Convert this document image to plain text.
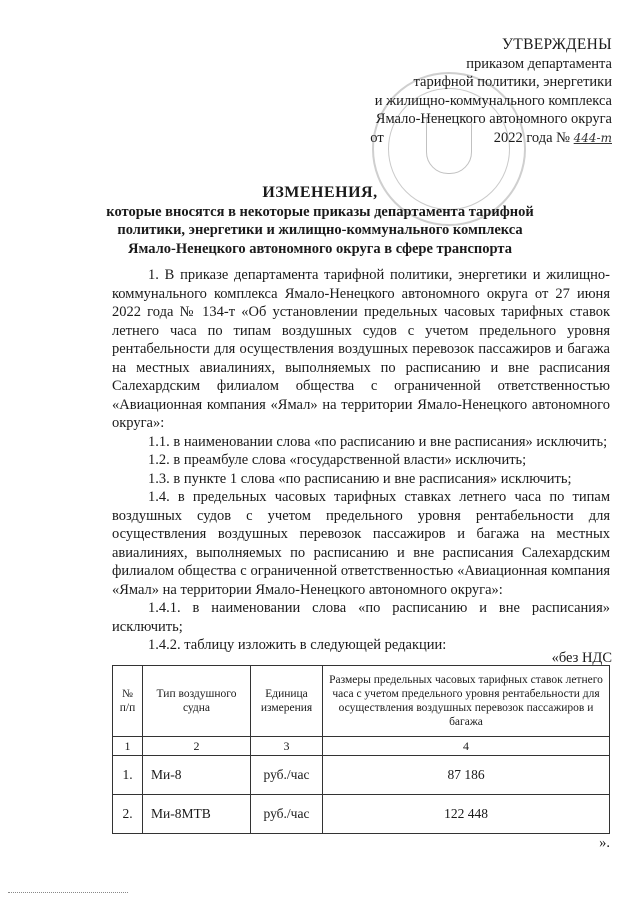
УТВЕРЖДЕНЫ
приказом департамента
тарифной политики, энергетики
и жилищно-коммунального комплекса
Ямало-Ненецкого автономного округа
от	2022 года № 444-т
ИЗМЕНЕНИЯ,
которые вносятся в некоторые приказы департамента тарифной
политики, энергетики и жилищно-коммунального комплекса
Ямало-Ненецкого автономного округа в сфере транспорта

1. В приказе департамента тарифной политики, энергетики и жилищно-коммунального комплекса Ямало-Ненецкого автономного округа от 27 июня 2022 года № 134-т «Об установлении предельных часовых тарифных ставок летнего часа по типам воздушных судов с учетом предельного уровня рентабельности для осуществления воздушных перевозок пассажиров и багажа на местных авиалиниях, выполняемых по расписанию и вне расписания Салехардским филиалом общества с ограниченной ответственностью «Авиационная компания «Ямал» на территории Ямало-Ненецкого автономного округа»:

1.1. в наименовании слова «по расписанию и вне расписания» исключить;

1.2. в преамбуле слова «государственной власти» исключить;

1.3. в пункте 1 слова «по расписанию и вне расписания» исключить;

1.4. в предельных часовых тарифных ставках летнего часа по типам воздушных судов с учетом предельного уровня рентабельности для осуществления воздушных перевозок пассажиров и багажа на местных авиалиниях, выполняемых по расписанию и вне расписания Салехардским филиалом общества с ограниченной ответственностью «Авиационная компания «Ямал» на территории Ямало-Ненецкого автономного округа»:

1.4.1. в наименовании слова «по расписанию и вне расписания» исключить;

1.4.2. таблицу изложить в следующей редакции:

«без НДС
№ п/п	Тип воздушного судна	Единица измерения	Размеры предельных часовых тарифных ставок летнего часа с учетом предельного уровня рентабельности для осуществления воздушных перевозок пассажиров и багажа
1	2	3	4
1.	Ми-8	руб./час	87 186
2.	Ми-8МТВ	руб./час	122 448
».
